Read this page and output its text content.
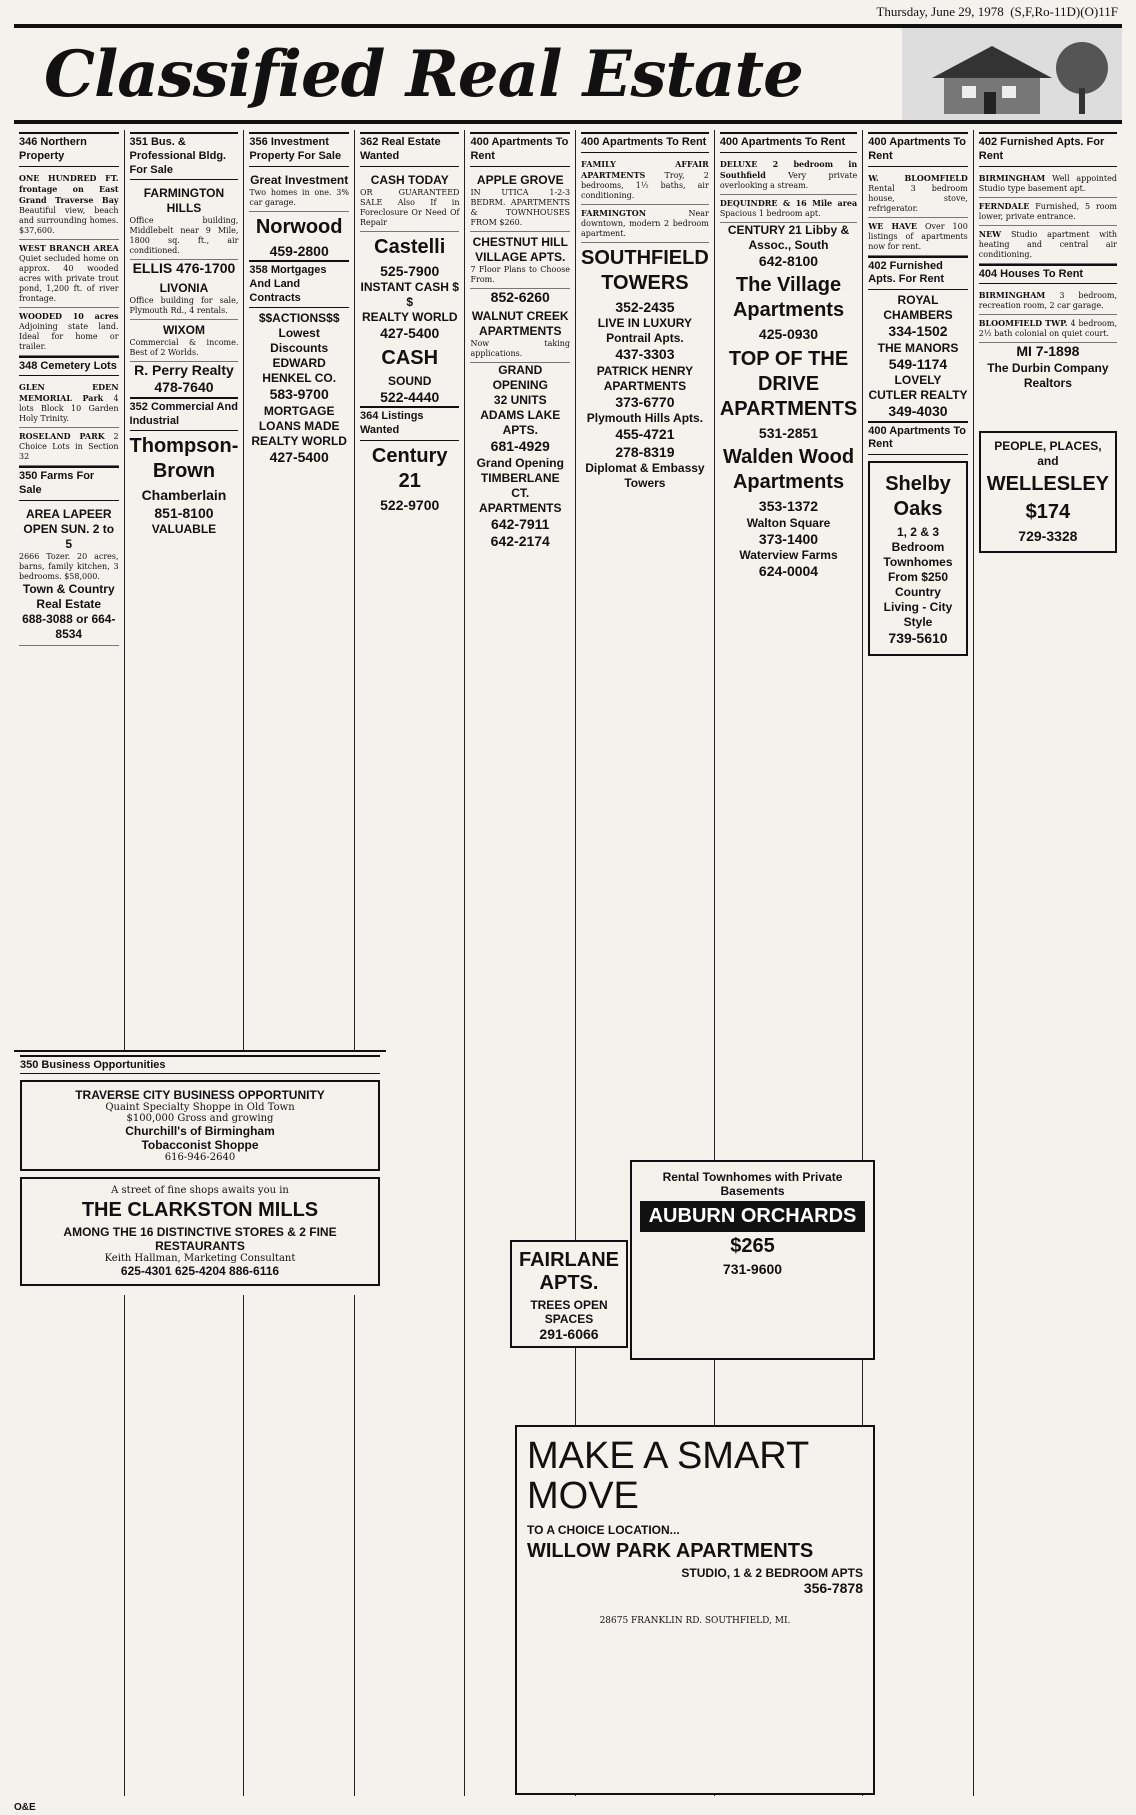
Thursday, June 29, 1978 (S,F,Ro-11D)(O)11F
Classified Real Estate
346 Northern Property
ONE HUNDRED FT. frontage on East Grand Traverse Bay Beautiful view, beach and surrounding homes. $37,600.
WEST BRANCH AREA Quiet secluded home on approx. 40 wooded acres with private trout pond, 1,200 ft. of river frontage.
WOODED 10 acres Adjoining state land. Ideal for home or trailer.
348 Cemetery Lots
GLEN EDEN MEMORIAL Park 4 lots Block 10 Garden Holy Trinity.
ROSELAND PARK 2 Choice Lots in Section 32
350 Farms For Sale
AREA LAPEER
OPEN SUN. 2 to 5
2666 Tozer. 20 acres, barns, family kitchen, 3 bedrooms. $58,000.
Town & Country Real Estate
688-3088 or 664-8534
351 Bus. & Professional Bldg. For Sale
FARMINGTON HILLS
Office building, Middlebelt near 9 Mile, 1800 sq. ft., air conditioned.
ELLIS 476-1700
LIVONIA
Office building for sale, Plymouth Rd., 4 rentals.
WIXOM
Commercial & income. Best of 2 Worlds.
R. Perry Realty 478-7640
352 Commercial And Industrial
Thompson-Brown
Chamberlain 851-8100
VALUABLE
356 Investment Property For Sale
Great Investment
Two homes in one. 3% car garage.
Norwood
459-2800
358 Mortgages And Land Contracts
$$ACTIONS$$ Lowest Discounts
EDWARD HENKEL CO.
583-9700
MORTGAGE LOANS MADE
REALTY WORLD
427-5400
362 Real Estate Wanted
CASH TODAY
OR GUARANTEED SALE Also If in Foreclosure Or Need Of Repair
Castelli
525-7900
INSTANT CASH $ $
REALTY WORLD
427-5400
CASH
SOUND
522-4440
364 Listings Wanted
Century 21
522-9700
400 Apartments To Rent
APPLE GROVE
IN UTICA 1-2-3 BEDRM. APARTMENTS & TOWNHOUSES FROM $260.
CHESTNUT HILL VILLAGE APTS.
7 Floor Plans to Choose From.
852-6260
WALNUT CREEK APARTMENTS
Now taking applications.
GRAND OPENING
32 UNITS ADAMS LAKE APTS.
681-4929
Grand Opening TIMBERLANE CT. APARTMENTS
642-7911
642-2174
400 Apartments To Rent
FAMILY AFFAIR APARTMENTS Troy, 2 bedrooms, 1½ baths, air conditioning.
FARMINGTON	Near downtown, modern 2 bedroom apartment.
SOUTHFIELD TOWERS
352-2435
LIVE IN LUXURY Pontrail Apts.
437-3303
PATRICK HENRY APARTMENTS
373-6770
Plymouth Hills Apts.
455-4721
278-8319
Diplomat & Embassy Towers
400 Apartments To Rent
DELUXE 2 bedroom in Southfield	Very private overlooking a stream.
DEQUINDRE & 16 Mile area Spacious 1 bedroom apt.
CENTURY 21 Libby & Assoc., South
642-8100
The Village Apartments
425-0930
TOP OF THE DRIVE APARTMENTS
531-2851
Walden Wood Apartments
353-1372
Walton Square
373-1400
Waterview Farms
624-0004
400 Apartments To Rent
W. BLOOMFIELD Rental 3 bedroom house, stove, refrigerator.
WE HAVE Over 100 listings of apartments now for rent.
402 Furnished Apts. For Rent
ROYAL CHAMBERS
334-1502
THE MANORS
549-1174
LOVELY
CUTLER REALTY
349-4030
400 Apartments To Rent
Shelby Oaks
1, 2 & 3 Bedroom Townhomes From $250
Country Living - City Style
739-5610
402 Furnished Apts. For Rent
BIRMINGHAM Well appointed Studio type basement apt.
FERNDALE Furnished, 5 room lower, private entrance.
NEW Studio apartment with heating and central air conditioning.
404 Houses To Rent
BIRMINGHAM 3 bedroom, recreation room, 2 car garage.
BLOOMFIELD TWP. 4 bedroom, 2½ bath colonial on quiet court.
MI 7-1898
The Durbin Company Realtors
PEOPLE, PLACES, and
WELLESLEY
$174
729-3328
350 Business Opportunities
TRAVERSE CITY BUSINESS OPPORTUNITY
Quaint Specialty Shoppe in Old Town
$100,000 Gross and growing
Churchill's of Birmingham
Tobacconist Shoppe
616-946-2640
A street of fine shops awaits you in
THE CLARKSTON MILLS
AMONG THE 16 DISTINCTIVE STORES & 2 FINE RESTAURANTS
Keith Hallman, Marketing Consultant
625-4301 625-4204 886-6116	FAIRLANE APTS.
TREES OPEN SPACES
291-6066
Rental Townhomes with Private Basements
AUBURN ORCHARDS
$265
731-9600
MAKE A SMART MOVE
TO A CHOICE LOCATION...
WILLOW PARK APARTMENTS
STUDIO, 1 & 2 BEDROOM APTS
356-7878
28675 FRANKLIN RD. SOUTHFIELD, MI.
O&E
